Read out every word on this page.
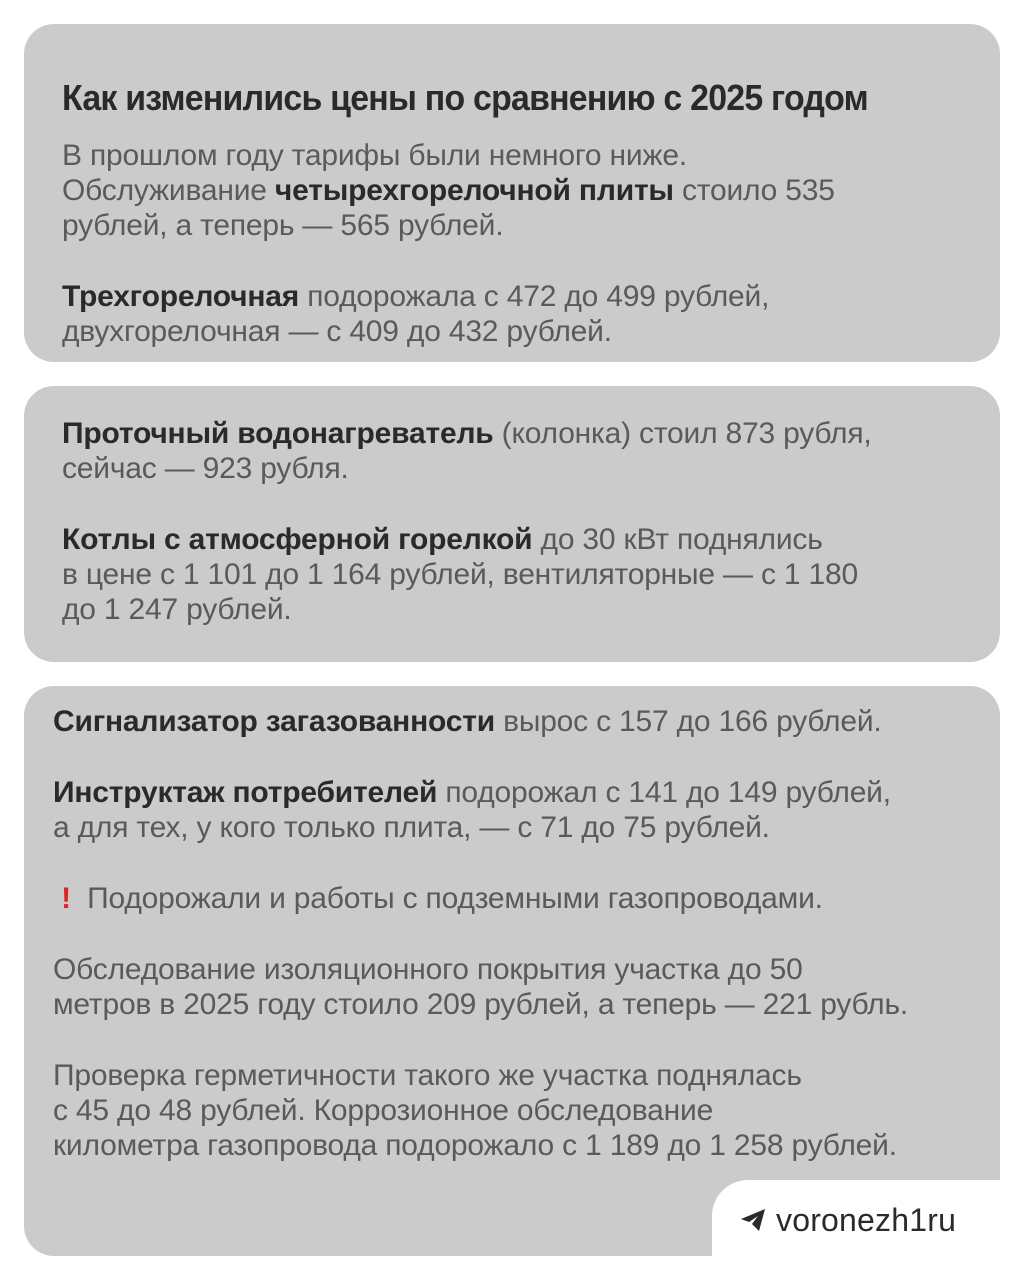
Как изменились цены по сравнению с 2025 годом
В прошлом году тарифы были немного ниже.
Обслуживание четырехгорелочной плиты стоило 535
рублей, а теперь — 565 рублей.
Трехгорелочная подорожала с 472 до 499 рублей,
двухгорелочная — с 409 до 432 рублей.
Проточный водонагреватель (колонка) стоил 873 рубля,
сейчас — 923 рубля.
Котлы с атмосферной горелкой до 30 кВт поднялись
в цене с 1 101 до 1 164 рублей, вентиляторные — с 1 180
до 1 247 рублей.
Сигнализатор загазованности вырос с 157 до 166 рублей.
Инструктаж потребителей подорожал с 141 до 149 рублей,
а для тех, у кого только плита, — с 71 до 75 рублей.
! Подорожали и работы с подземными газопроводами.
Обследование изоляционного покрытия участка до 50
метров в 2025 году стоило 209 рублей, а теперь — 221 рубль.
Проверка герметичности такого же участка поднялась
с 45 до 48 рублей. Коррозионное обследование
километра газопровода подорожало с 1 189 до 1 258 рублей.
voronezh1ru
